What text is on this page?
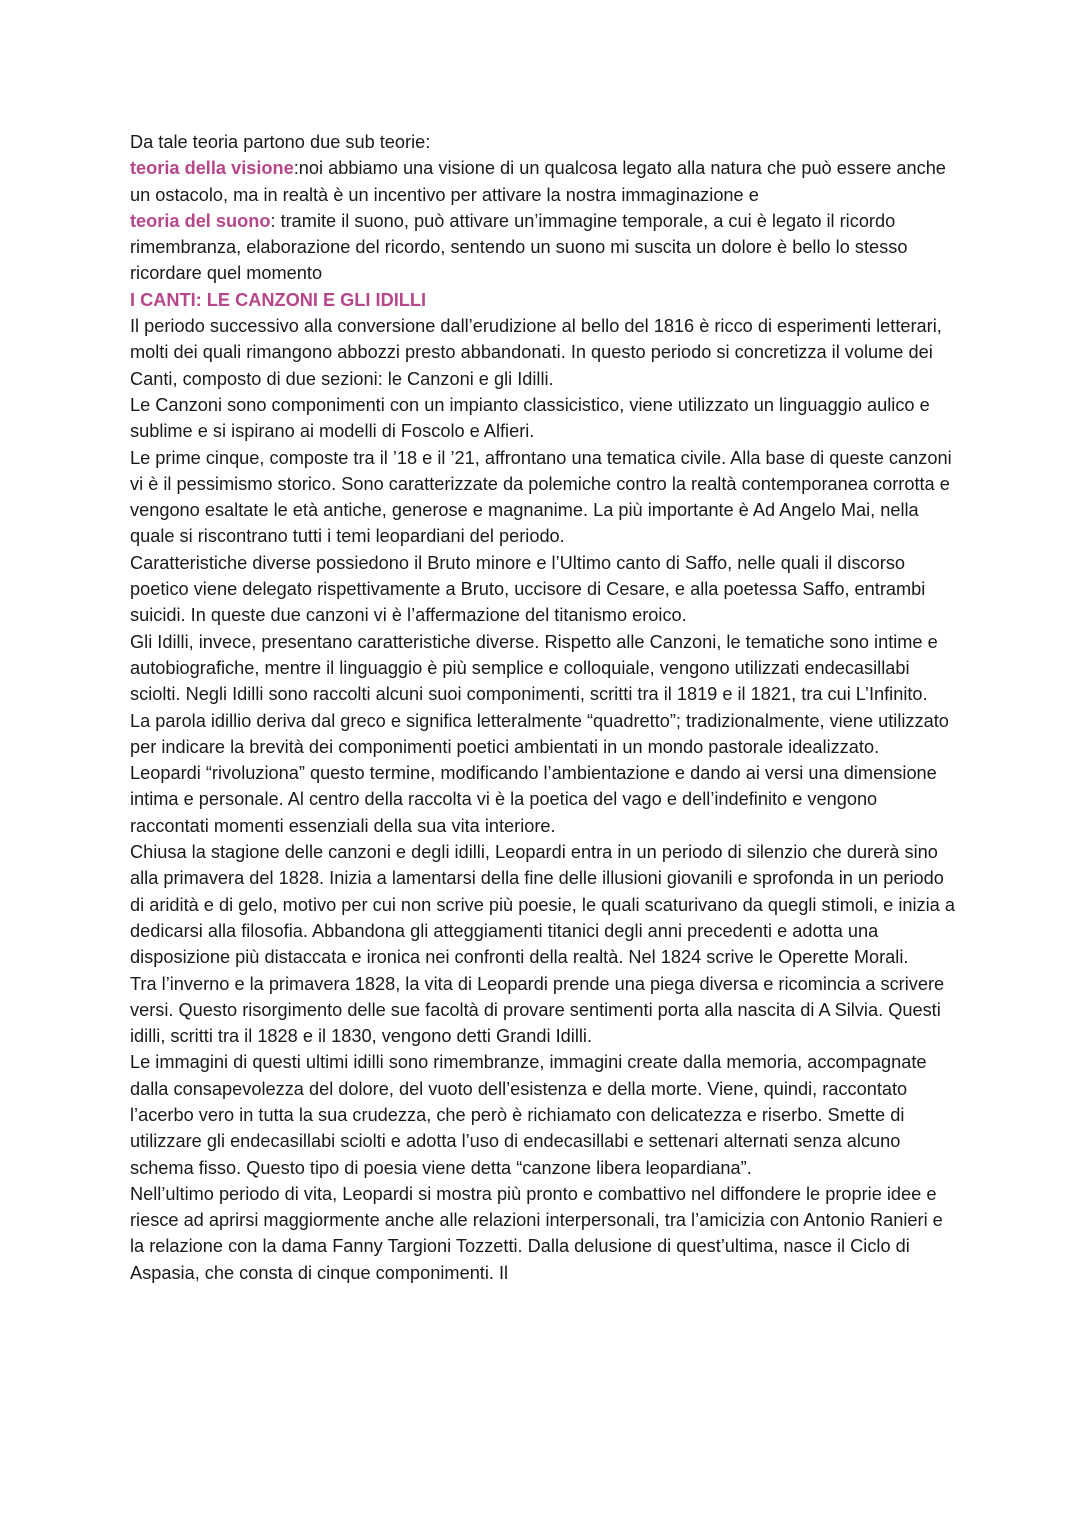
Da tale teoria partono due sub teorie:

teoria della visione:noi abbiamo una visione di un qualcosa legato alla natura che può essere anche un ostacolo, ma in realtà è un incentivo per attivare la nostra immaginazione e

teoria del suono: tramite il suono, può attivare un’immagine temporale, a cui è legato il ricordo rimembranza, elaborazione del ricordo, sentendo un suono mi suscita un dolore è bello lo stesso ricordare quel momento

I CANTI: LE CANZONI E GLI IDILLI

Il periodo successivo alla conversione dall’erudizione al bello del 1816 è ricco di esperimenti letterari, molti dei quali rimangono abbozzi presto abbandonati. In questo periodo si concretizza il volume dei Canti, composto di due sezioni: le Canzoni e gli Idilli.

Le Canzoni sono componimenti con un impianto classicistico, viene utilizzato un linguaggio aulico e sublime e si ispirano ai modelli di Foscolo e Alfieri.

Le prime cinque, composte tra il ’18 e il ’21, affrontano una tematica civile. Alla base di queste canzoni vi è il pessimismo storico. Sono caratterizzate da polemiche contro la realtà contemporanea corrotta e vengono esaltate le età antiche, generose e magnanime. La più importante è Ad Angelo Mai, nella quale si riscontrano tutti i temi leopardiani del periodo.

Caratteristiche diverse possiedono il Bruto minore e l’Ultimo canto di Saffo, nelle quali il discorso poetico viene delegato rispettivamente a Bruto, uccisore di Cesare, e alla poetessa Saffo, entrambi suicidi. In queste due canzoni vi è l’affermazione del titanismo eroico.

Gli Idilli, invece, presentano caratteristiche diverse. Rispetto alle Canzoni, le tematiche sono intime e autobiografiche, mentre il linguaggio è più semplice e colloquiale, vengono utilizzati endecasillabi sciolti. Negli Idilli sono raccolti alcuni suoi componimenti, scritti tra il 1819 e il 1821, tra cui L’Infinito.

La parola idillio deriva dal greco e significa letteralmente “quadretto”; tradizionalmente, viene utilizzato per indicare la brevità dei componimenti poetici ambientati in un mondo pastorale idealizzato.

Leopardi “rivoluziona” questo termine, modificando l’ambientazione e dando ai versi una dimensione intima e personale. Al centro della raccolta vi è la poetica del vago e dell’indefinito e vengono raccontati momenti essenziali della sua vita interiore.

Chiusa la stagione delle canzoni e degli idilli, Leopardi entra in un periodo di silenzio che durerà sino alla primavera del 1828. Inizia a lamentarsi della fine delle illusioni giovanili e sprofonda in un periodo di aridità e di gelo, motivo per cui non scrive più poesie, le quali scaturivano da quegli stimoli, e inizia a dedicarsi alla filosofia. Abbandona gli atteggiamenti titanici degli anni precedenti e adotta una disposizione più distaccata e ironica nei confronti della realtà. Nel 1824 scrive le Operette Morali.

Tra l’inverno e la primavera 1828, la vita di Leopardi prende una piega diversa e ricomincia a scrivere versi. Questo risorgimento delle sue facoltà di provare sentimenti porta alla nascita di A Silvia. Questi idilli, scritti tra il 1828 e il 1830, vengono detti Grandi Idilli.

Le immagini di questi ultimi idilli sono rimembranze, immagini create dalla memoria, accompagnate dalla consapevolezza del dolore, del vuoto dell’esistenza e della morte. Viene, quindi, raccontato l’acerbo vero in tutta la sua crudezza, che però è richiamato con delicatezza e riserbo. Smette di utilizzare gli endecasillabi sciolti e adotta l’uso di endecasillabi e settenari alternati senza alcuno schema fisso. Questo tipo di poesia viene detta “canzone libera leopardiana”.

Nell’ultimo periodo di vita, Leopardi si mostra più pronto e combattivo nel diffondere le proprie idee e riesce ad aprirsi maggiormente anche alle relazioni interpersonali, tra l’amicizia con Antonio Ranieri e la relazione con la dama Fanny Targioni Tozzetti. Dalla delusione di quest’ultima, nasce il Ciclo di Aspasia, che consta di cinque componimenti. Il
